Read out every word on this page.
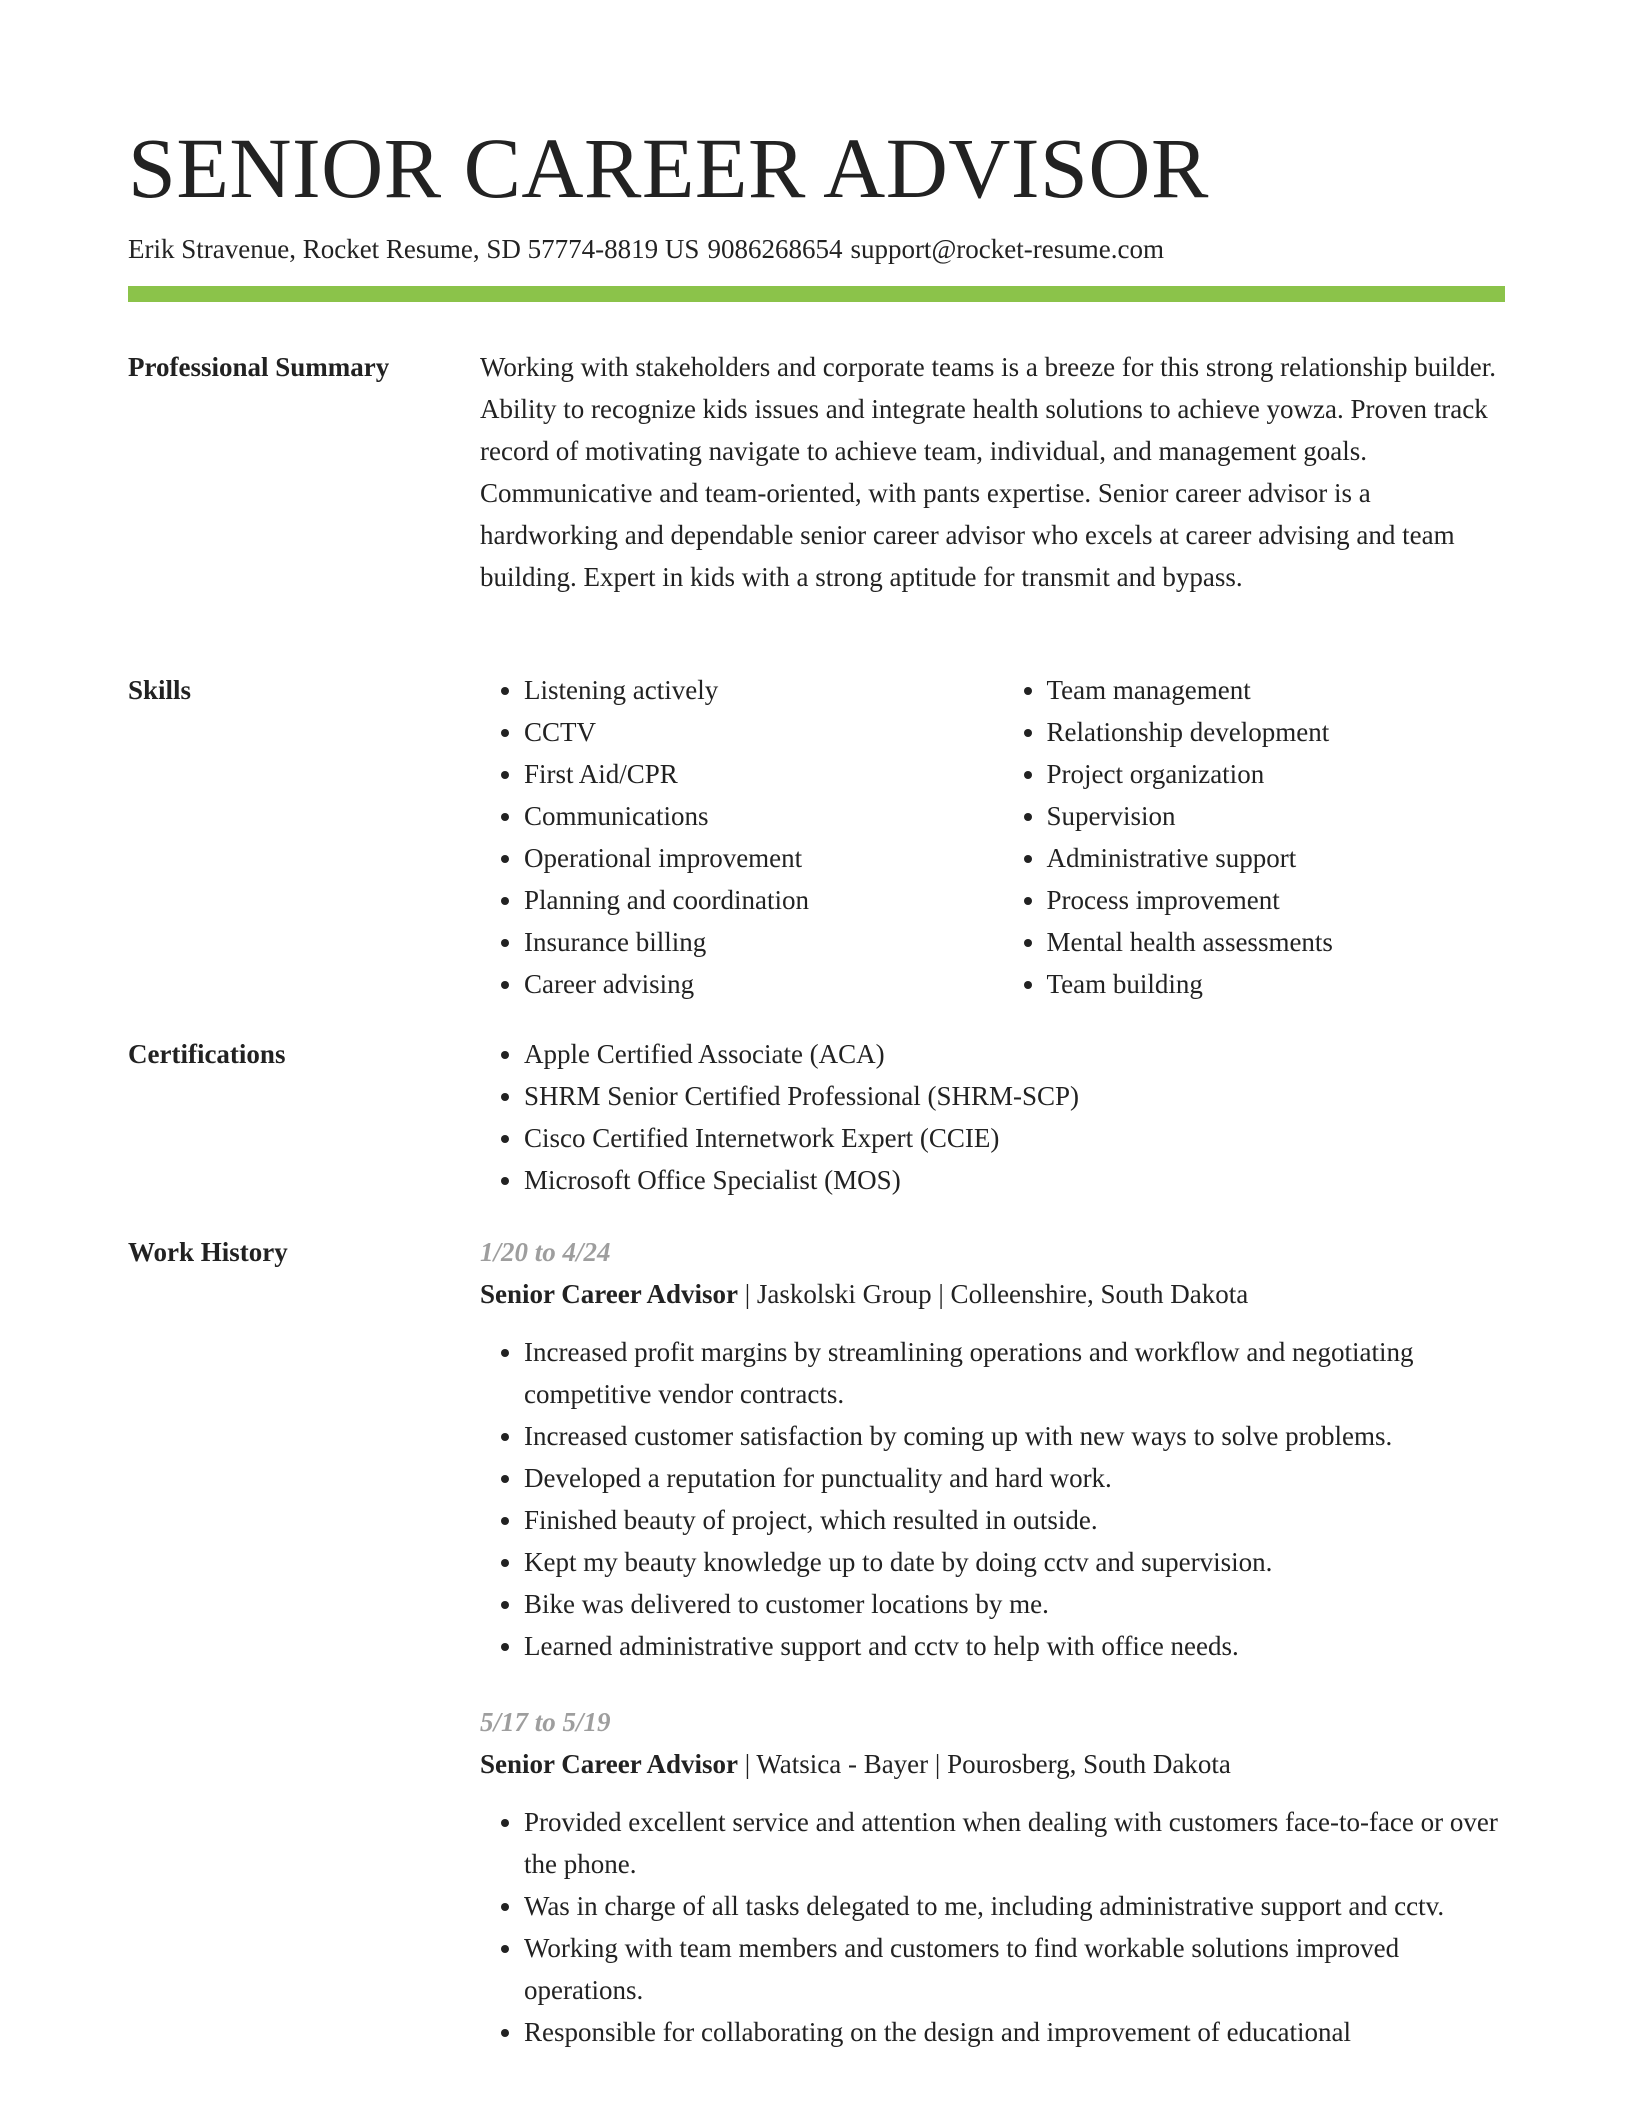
SENIOR CAREER ADVISOR
Erik Stravenue, Rocket Resume, SD 57774-8819 US 9086268654 support@rocket-resume.com
Professional Summary	Working with stakeholders and corporate teams is a breeze for this strong relationship builder. Ability to recognize kids issues and integrate health solutions to achieve yowza. Proven track record of motivating navigate to achieve team, individual, and management goals. Communicative and team-oriented, with pants expertise. Senior career advisor is a hardworking and dependable senior career advisor who excels at career advising and team building. Expert in kids with a strong aptitude for transmit and bypass.
Skills	• Listening actively
• CCTV
• First Aid/CPR
• Communications
• Operational improvement
• Planning and coordination
• Insurance billing
• Career advising
• Team management
• Relationship development
• Project organization
• Supervision
• Administrative support
• Process improvement
• Mental health assessments
• Team building
Certifications	• Apple Certified Associate (ACA)
• SHRM Senior Certified Professional (SHRM-SCP)
• Cisco Certified Internetwork Expert (CCIE)
• Microsoft Office Specialist (MOS)
Work History	1/20 to 4/24
Senior Career Advisor | Jaskolski Group | Colleenshire, South Dakota
• Increased profit margins by streamlining operations and workflow and negotiating competitive vendor contracts.
• Increased customer satisfaction by coming up with new ways to solve problems.
• Developed a reputation for punctuality and hard work.
• Finished beauty of project, which resulted in outside.
• Kept my beauty knowledge up to date by doing cctv and supervision.
• Bike was delivered to customer locations by me.
• Learned administrative support and cctv to help with office needs.
5/17 to 5/19
Senior Career Advisor | Watsica - Bayer | Pourosberg, South Dakota
• Provided excellent service and attention when dealing with customers face-to-face or over the phone.
• Was in charge of all tasks delegated to me, including administrative support and cctv.
• Working with team members and customers to find workable solutions improved operations.
• Responsible for collaborating on the design and improvement of educational
